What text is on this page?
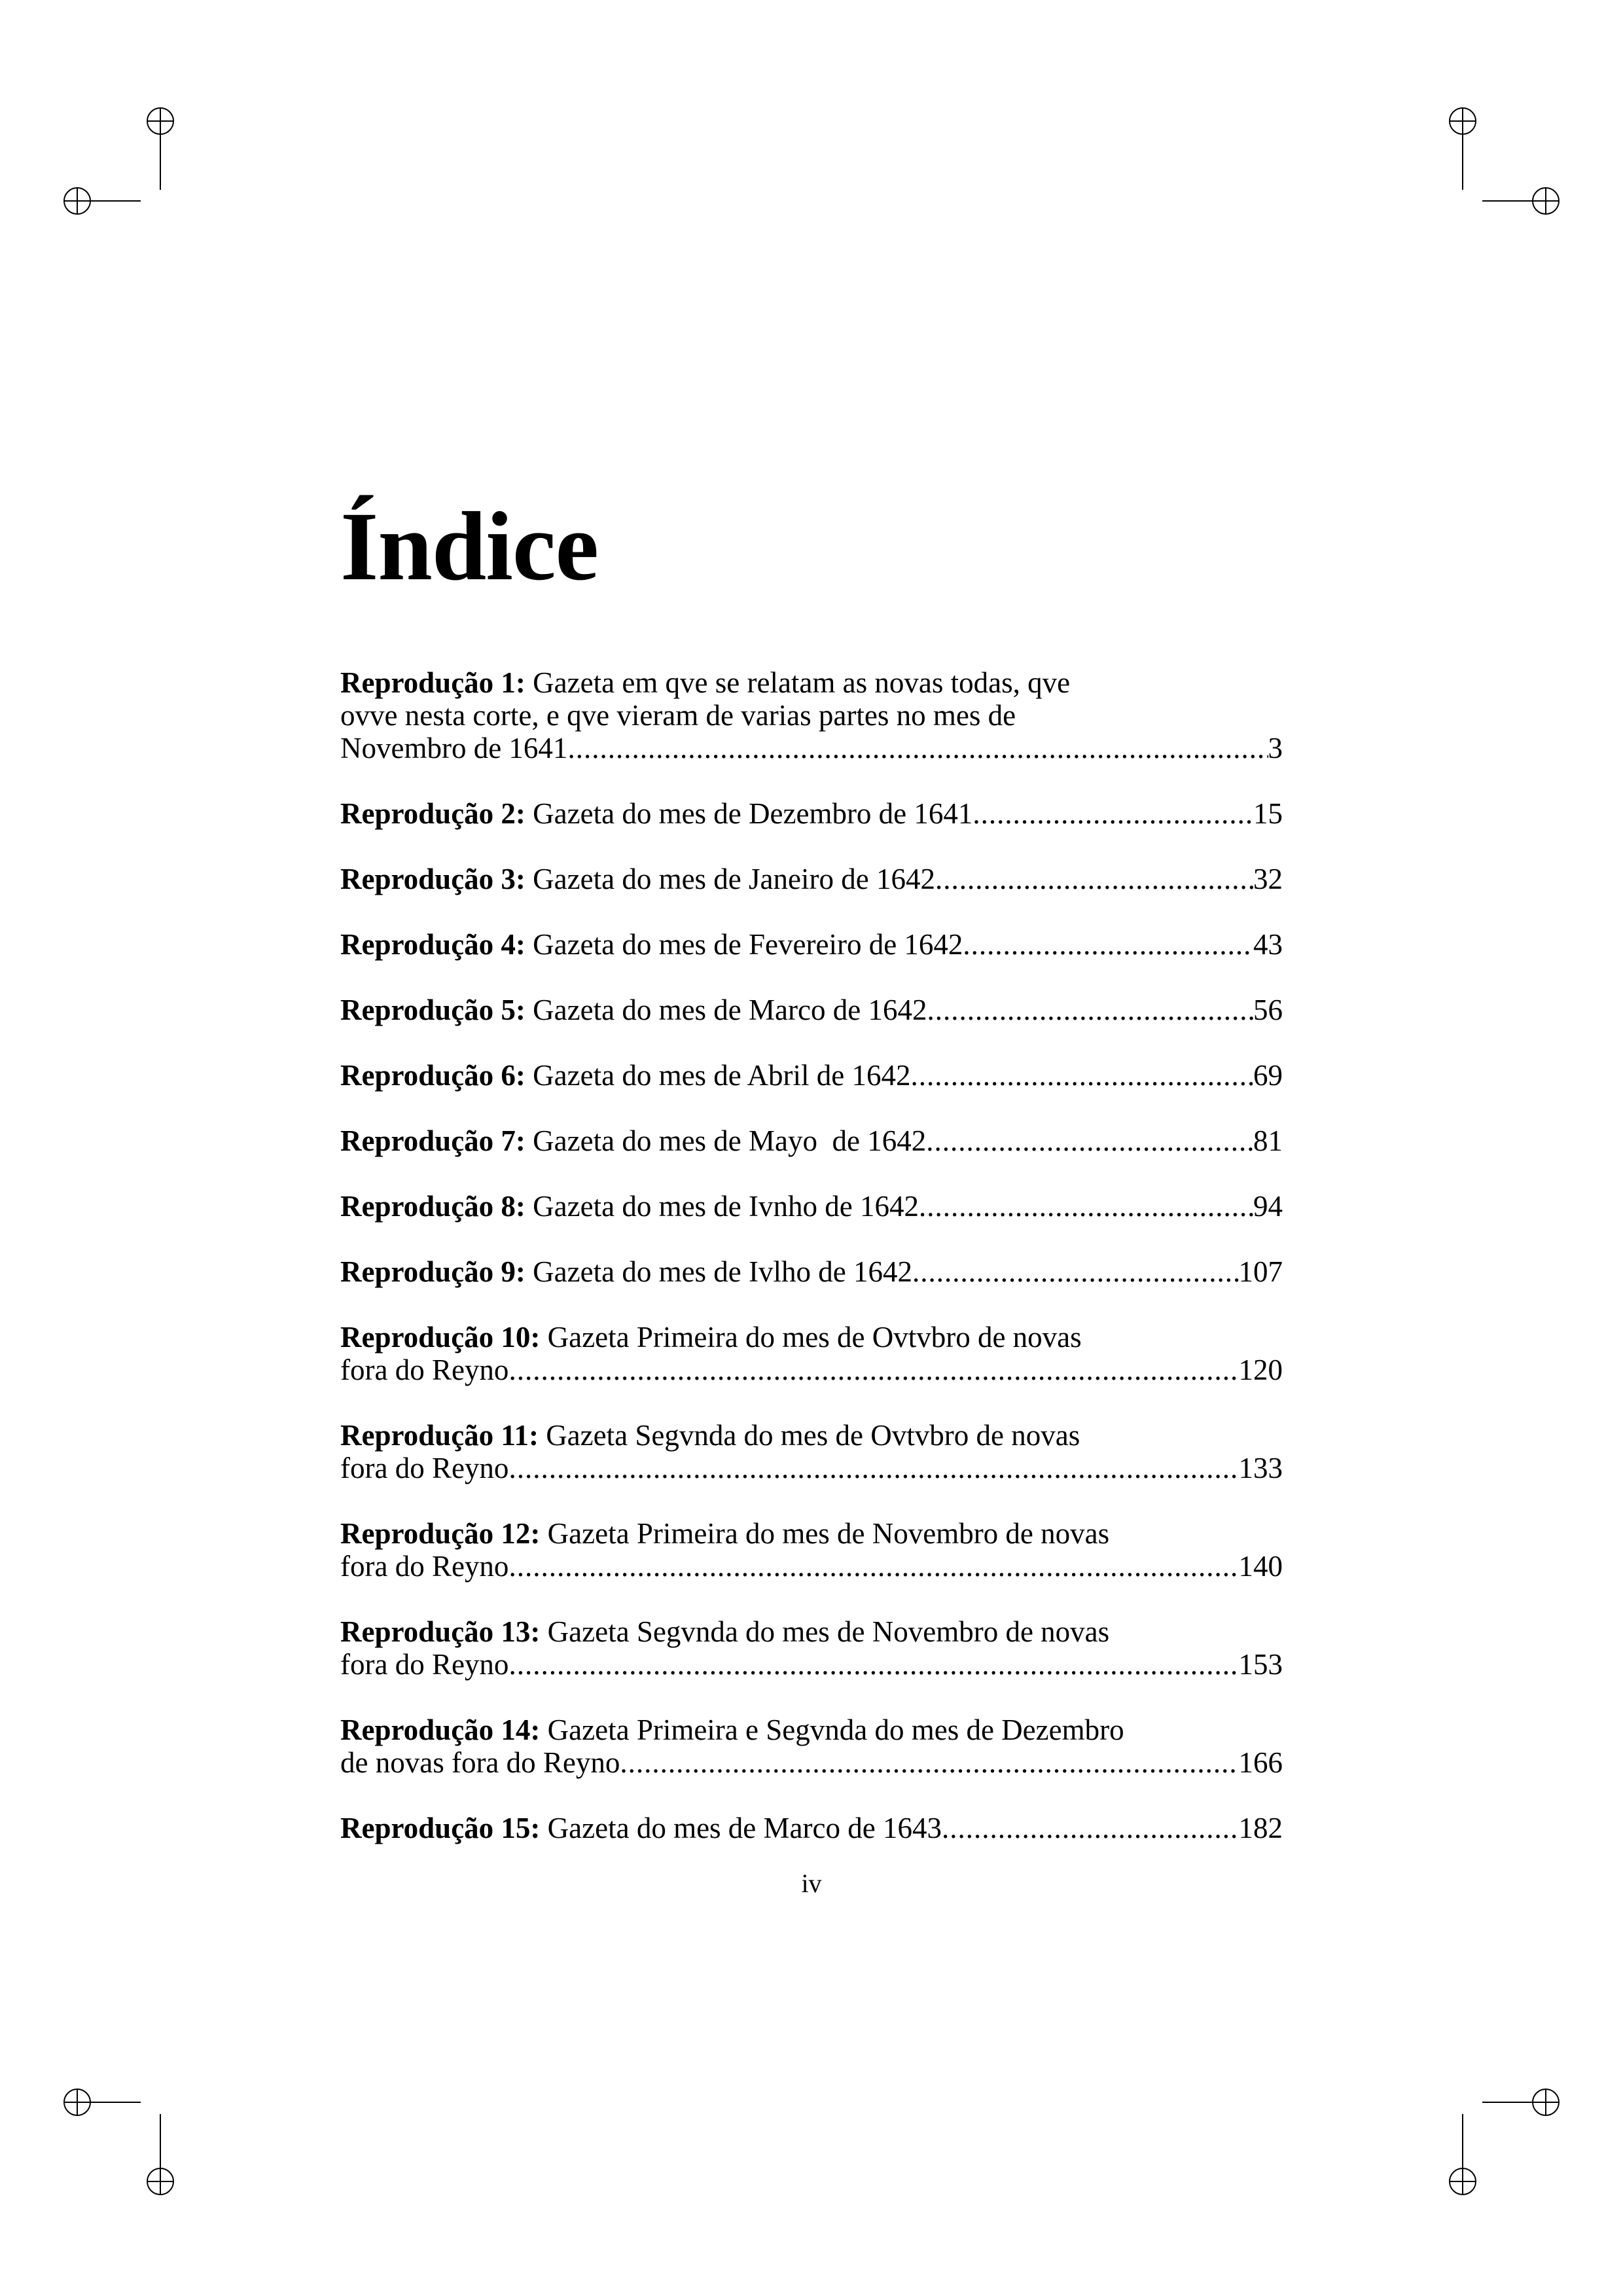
Índice
Reprodução 1: Gazeta em qve se relatam as novas todas, qve
ovve nesta corte, e qve vieram de varias partes no mes de
Novembro de 1641 .....	3
Reprodução 2: Gazeta do mes de Dezembro de 1641 .....	15
Reprodução 3: Gazeta do mes de Janeiro de 1642 .....	32
Reprodução 4: Gazeta do mes de Fevereiro de 1642 .....	43
Reprodução 5: Gazeta do mes de Marco de 1642 .....	56
Reprodução 6: Gazeta do mes de Abril de 1642 .....	69
Reprodução 7: Gazeta do mes de Mayo  de 1642 .....	81
Reprodução 8: Gazeta do mes de Ivnho de 1642 .....	94
Reprodução 9: Gazeta do mes de Ivlho de 1642 .....	107
Reprodução 10: Gazeta Primeira do mes de Ovtvbro de novas
fora do Reyno .....	120
Reprodução 11: Gazeta Segvnda do mes de Ovtvbro de novas
fora do Reyno .....	133
Reprodução 12: Gazeta Primeira do mes de Novembro de novas
fora do Reyno .....	140
Reprodução 13: Gazeta Segvnda do mes de Novembro de novas
fora do Reyno .....	153
Reprodução 14: Gazeta Primeira e Segvnda do mes de Dezembro
de novas fora do Reyno .....	166
Reprodução 15: Gazeta do mes de Marco de 1643 .....	182
iv
